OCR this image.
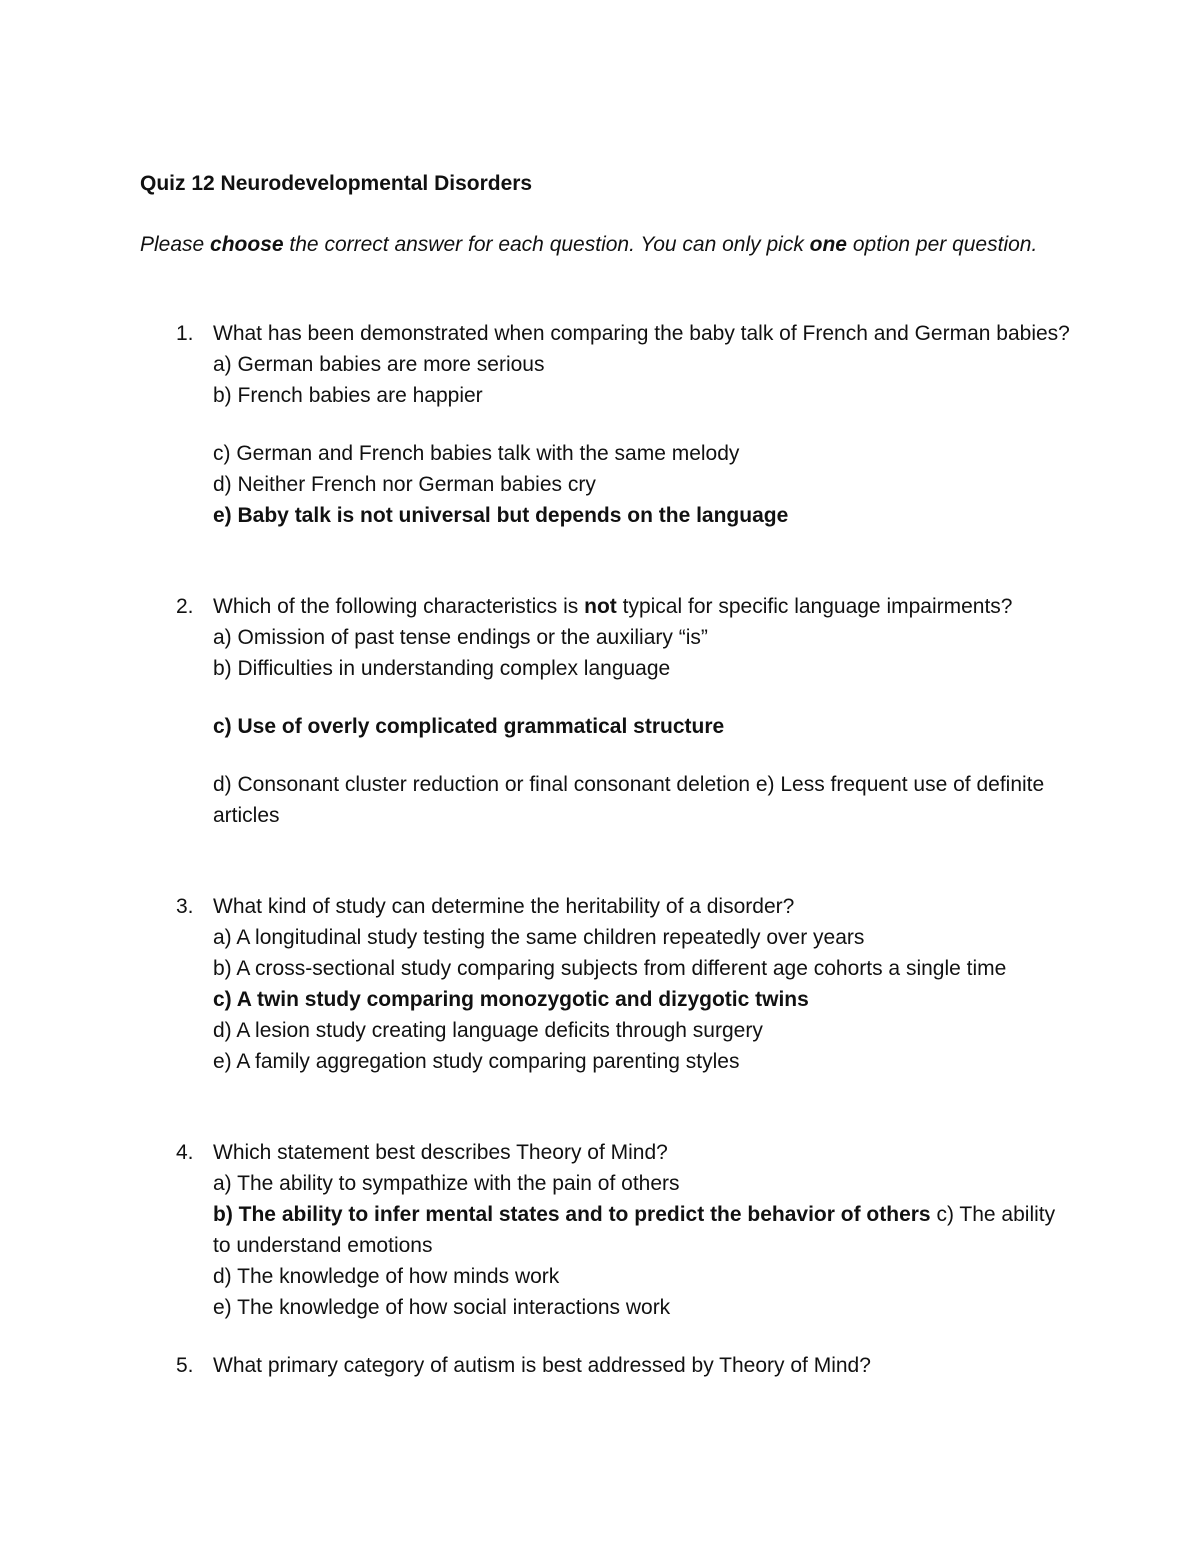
Quiz 12 Neurodevelopmental Disorders
Please choose the correct answer for each question. You can only pick one option per question.
1. What has been demonstrated when comparing the baby talk of French and German babies?
a) German babies are more serious
b) French babies are happier
c) German and French babies talk with the same melody
d) Neither French nor German babies cry
e) Baby talk is not universal but depends on the language
2. Which of the following characteristics is not typical for specific language impairments?
a) Omission of past tense endings or the auxiliary “is”
b) Difficulties in understanding complex language
c) Use of overly complicated grammatical structure
d) Consonant cluster reduction or final consonant deletion e) Less frequent use of definite articles
3. What kind of study can determine the heritability of a disorder?
a) A longitudinal study testing the same children repeatedly over years
b) A cross-sectional study comparing subjects from different age cohorts a single time
c) A twin study comparing monozygotic and dizygotic twins
d) A lesion study creating language deficits through surgery
e) A family aggregation study comparing parenting styles
4. Which statement best describes Theory of Mind?
a) The ability to sympathize with the pain of others
b) The ability to infer mental states and to predict the behavior of others c) The ability to understand emotions
d) The knowledge of how minds work
e) The knowledge of how social interactions work
5. What primary category of autism is best addressed by Theory of Mind?
